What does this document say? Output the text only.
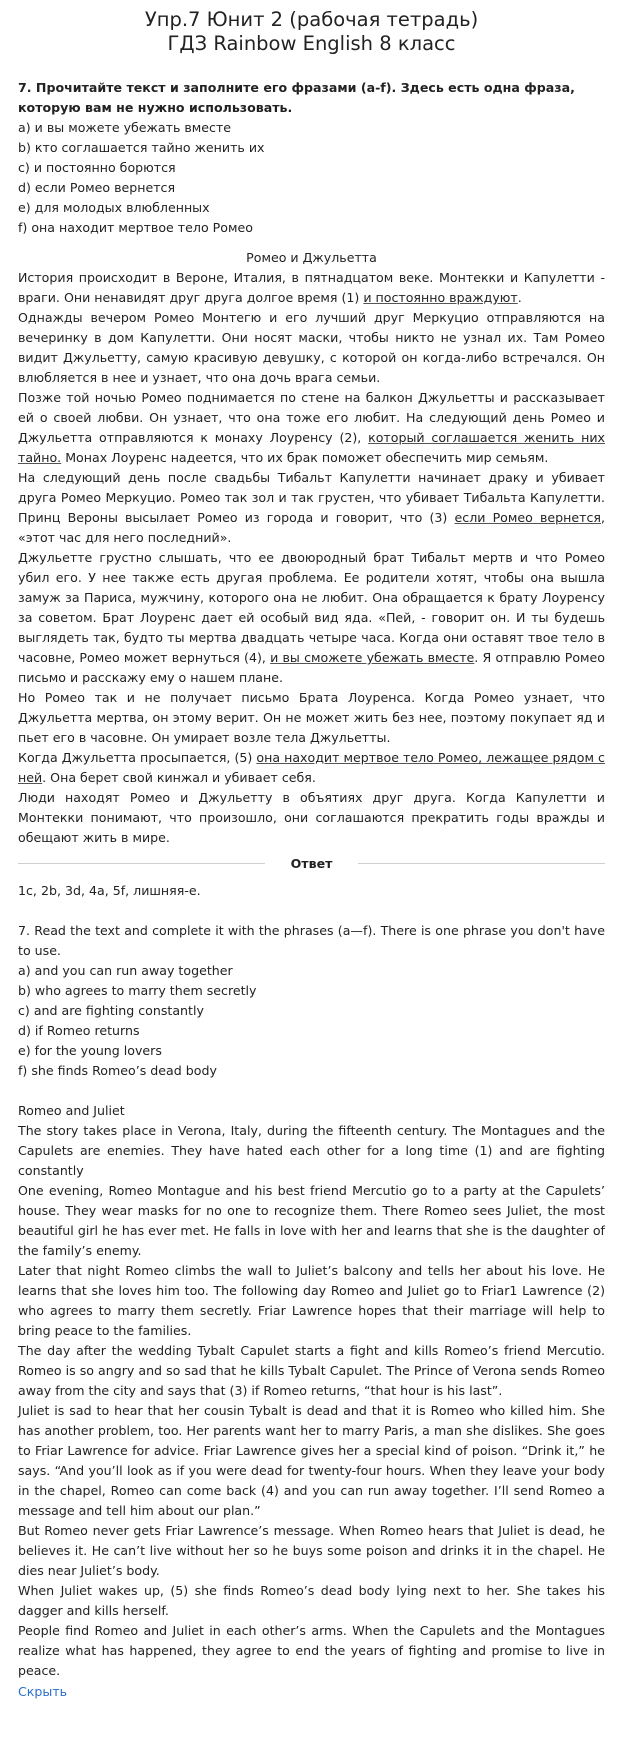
Упр.7 Юнит 2 (рабочая тетрадь)
ГДЗ Rainbow English 8 класс
7. Прочитайте текст и заполните его фразами (a-f). Здесь есть одна фраза,
которую вам не нужно использовать.
a) и вы можете убежать вместе
b) кто соглашается тайно женить их
c) и постоянно борются
d) если Ромео вернется
e) для молодых влюбленных
f) она находит мертвое тело Ромео
Ромео и Джульетта
История происходит в Вероне, Италия, в пятнадцатом веке. Монтекки и Капулетти - враги. Они ненавидят друг друга долгое время (1) и постоянно враждуют.
Однажды вечером Ромео Монтегю и его лучший друг Меркуцио отправляются на вечеринку в дом Капулетти. Они носят маски, чтобы никто не узнал их. Там Ромео видит Джульетту, самую красивую девушку, с которой он когда-либо встречался. Он влюбляется в нее и узнает, что она дочь врага семьи.
Позже той ночью Ромео поднимается по стене на балкон Джульетты и рассказывает ей о своей любви. Он узнает, что она тоже его любит. На следующий день Ромео и Джульетта отправляются к монаху Лоуренсу (2), который соглашается женить них тайно. Монах Лоуренс надеется, что их брак поможет обеспечить мир семьям.
На следующий день после свадьбы Тибальт Капулетти начинает драку и убивает друга Ромео Меркуцио. Ромео так зол и так грустен, что убивает Тибальта Капулетти. Принц Вероны высылает Ромео из города и говорит, что (3) если Ромео вернется, «этот час для него последний».
Джульетте грустно слышать, что ее двоюродный брат Тибальт мертв и что Ромео убил его. У нее также есть другая проблема. Ее родители хотят, чтобы она вышла замуж за Париса, мужчину, которого она не любит. Она обращается к брату Лоуренсу за советом. Брат Лоуренс дает ей особый вид яда. «Пей, - говорит он. И ты будешь выглядеть так, будто ты мертва двадцать четыре часа. Когда они оставят твое тело в часовне, Ромео может вернуться (4), и вы сможете убежать вместе. Я отправлю Ромео письмо и расскажу ему о нашем плане.
Но Ромео так и не получает письмо Брата Лоуренса. Когда Ромео узнает, что Джульетта мертва, он этому верит. Он не может жить без нее, поэтому покупает яд и пьет его в часовне. Он умирает возле тела Джульетты.
Когда Джульетта просыпается, (5) она находит мертвое тело Ромео, лежащее рядом с ней. Она берет свой кинжал и убивает себя.
Люди находят Ромео и Джульетту в объятиях друг друга. Когда Капулетти и Монтекки понимают, что произошло, они соглашаются прекратить годы вражды и обещают жить в мире.
Ответ
1c, 2b, 3d, 4a, 5f, лишняя-e.
7. Read the text and complete it with the phrases (a—f). There is one phrase you don't have to use.
a) and you can run away together
b) who agrees to marry them secretly
c) and are fighting constantly
d) if Romeo returns
e) for the young lovers
f) she finds Romeo’s dead body
Romeo and Juliet
The story takes place in Verona, Italy, during the fifteenth century. The Montagues and the Capulets are enemies. They have hated each other for a long time (1) and are fighting constantly
One evening, Romeo Montague and his best friend Mercutio go to a party at the Capulets’ house. They wear masks for no one to recognize them. There Romeo sees Juliet, the most beautiful girl he has ever met. He falls in love with her and learns that she is the daughter of the family’s enemy.
Later that night Romeo climbs the wall to Juliet’s balcony and tells her about his love. He learns that she loves him too. The following day Romeo and Juliet go to Friar1 Lawrence (2) who agrees to marry them secretly. Friar Lawrence hopes that their marriage will help to bring peace to the families.
The day after the wedding Tybalt Capulet starts a fight and kills Romeo’s friend Mercutio. Romeo is so angry and so sad that he kills Tybalt Capulet. The Prince of Verona sends Romeo away from the city and says that (3) if Romeo returns, “that hour is his last”.
Juliet is sad to hear that her cousin Tybalt is dead and that it is Romeo who killed him. She has another problem, too. Her parents want her to marry Paris, a man she dislikes. She goes to Friar Lawrence for advice. Friar Lawrence gives her a special kind of poison. “Drink it,” he says. “And you’ll look as if you were dead for twenty-four hours. When they leave your body in the chapel, Romeo can come back (4) and you can run away together. I’ll send Romeo a message and tell him about our plan.”
But Romeo never gets Friar Lawrence’s message. When Romeo hears that Juliet is dead, he believes it. He can’t live without her so he buys some poison and drinks it in the chapel. He dies near Juliet’s body.
When Juliet wakes up, (5) she finds Romeo’s dead body lying next to her. She takes his dagger and kills herself.
People find Romeo and Juliet in each other’s arms. When the Capulets and the Montagues realize what has happened, they agree to end the years of fighting and promise to live in peace.
Скрыть
